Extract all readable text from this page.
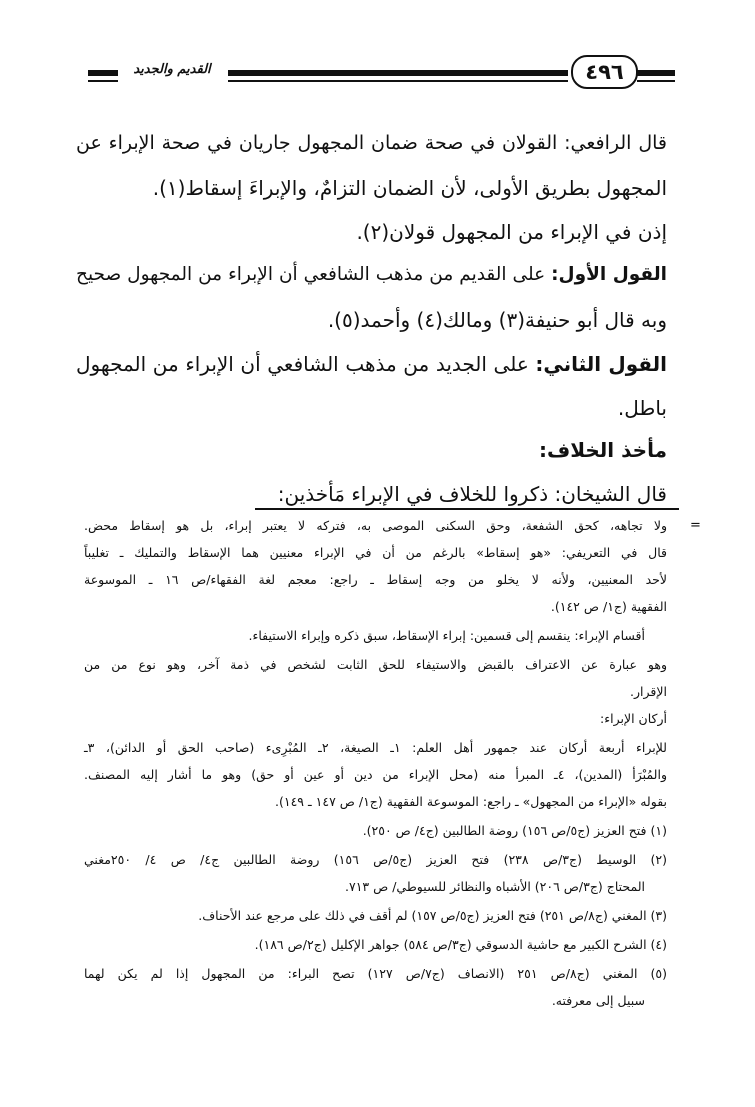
القديم والجديد	٤٩٦
قال الرافعي: القولان في صحة ضمان المجهول جاريان في صحة الإبراء عن
المجهول بطريق الأولى، لأن الضمان التزامٌ، والإبراءَ إسقاط(١).
إذن في الإبراء من المجهول قولان(٢).
القول الأول: على القديم من مذهب الشافعي أن الإبراء من المجهول صحيح
وبه قال أبو حنيفة(٣) ومالك(٤) وأحمد(٥).
القول الثاني: على الجديد من مذهب الشافعي أن الإبراء من المجهول
باطل.
مأخذ الخلاف:
قال الشيخان: ذكروا للخلاف في الإبراء مَأخذين:
=
ولا تجاهه، كحق الشفعة، وحق السكنى الموصى به، فتركه لا يعتبر إبراء، بل هو إسقاط محض.
قال في التعريفي: «هو إسقاط» بالرغم من أن في الإبراء معنيين هما الإسقاط والتمليك ـ تغليباً
لأحد المعنيين، ولأنه لا يخلو من وجه إسقاط ـ راجع: معجم لغة الفقهاء/ص ١٦ ـ الموسوعة
الفقهية (ج١/ ص ١٤٢).
أقسام الإبراء: ينقسم إلى قسمين: إبراء الإسقاط، سبق ذكره وإبراء الاستيفاء.
وهو عبارة عن الاعتراف بالقبض والاستيفاء للحق الثابت لشخص في ذمة آخر، وهو نوع من من
الإقرار.
أركان الإبراء:
للإبراء أربعة أركان عند جمهور أهل العلم: ١ـ الصيغة، ٢ـ المُبْرِىء (صاحب الحق أو الدائن)، ٣ـ
والمُبْرَأ (المدين)، ٤ـ المبرأ منه (محل الإبراء من دين أو عين أو حق) وهو ما أشار إليه المصنف.
بقوله «الإبراء من المجهول» ـ راجع: الموسوعة الفقهية (ج١/ ص ١٤٧ ـ ١٤٩).
(١) فتح العزيز (ج٥/ص ١٥٦) روضة الطالبين (ج٤/ ص ٢٥٠).
(٢) الوسيط (ج٣/ص ٢٣٨) فتح العزيز (ج٥/ص ١٥٦) روضة الطالبين ج٤/ ص ٤/ ٢٥٠مغني
المحتاج (ج٣/ص ٢٠٦) الأشباه والنظائر للسيوطي/ ص ٧١٣.
(٣) المغني (ج٨/ص ٢٥١) فتح العزيز (ج٥/ص ١٥٧) لم أقف في ذلك على مرجع عند الأحناف.
(٤) الشرح الكبير مع حاشية الدسوقي (ج٣/ص ٥٨٤) جواهر الإكليل (ج٢/ص ١٨٦).
(٥) المغني (ج٨/ص ٢٥١ (الانصاف (ج٧/ص ١٢٧) تصح البراء: من المجهول إذا لم يكن لهما
سبيل إلى معرفته.
